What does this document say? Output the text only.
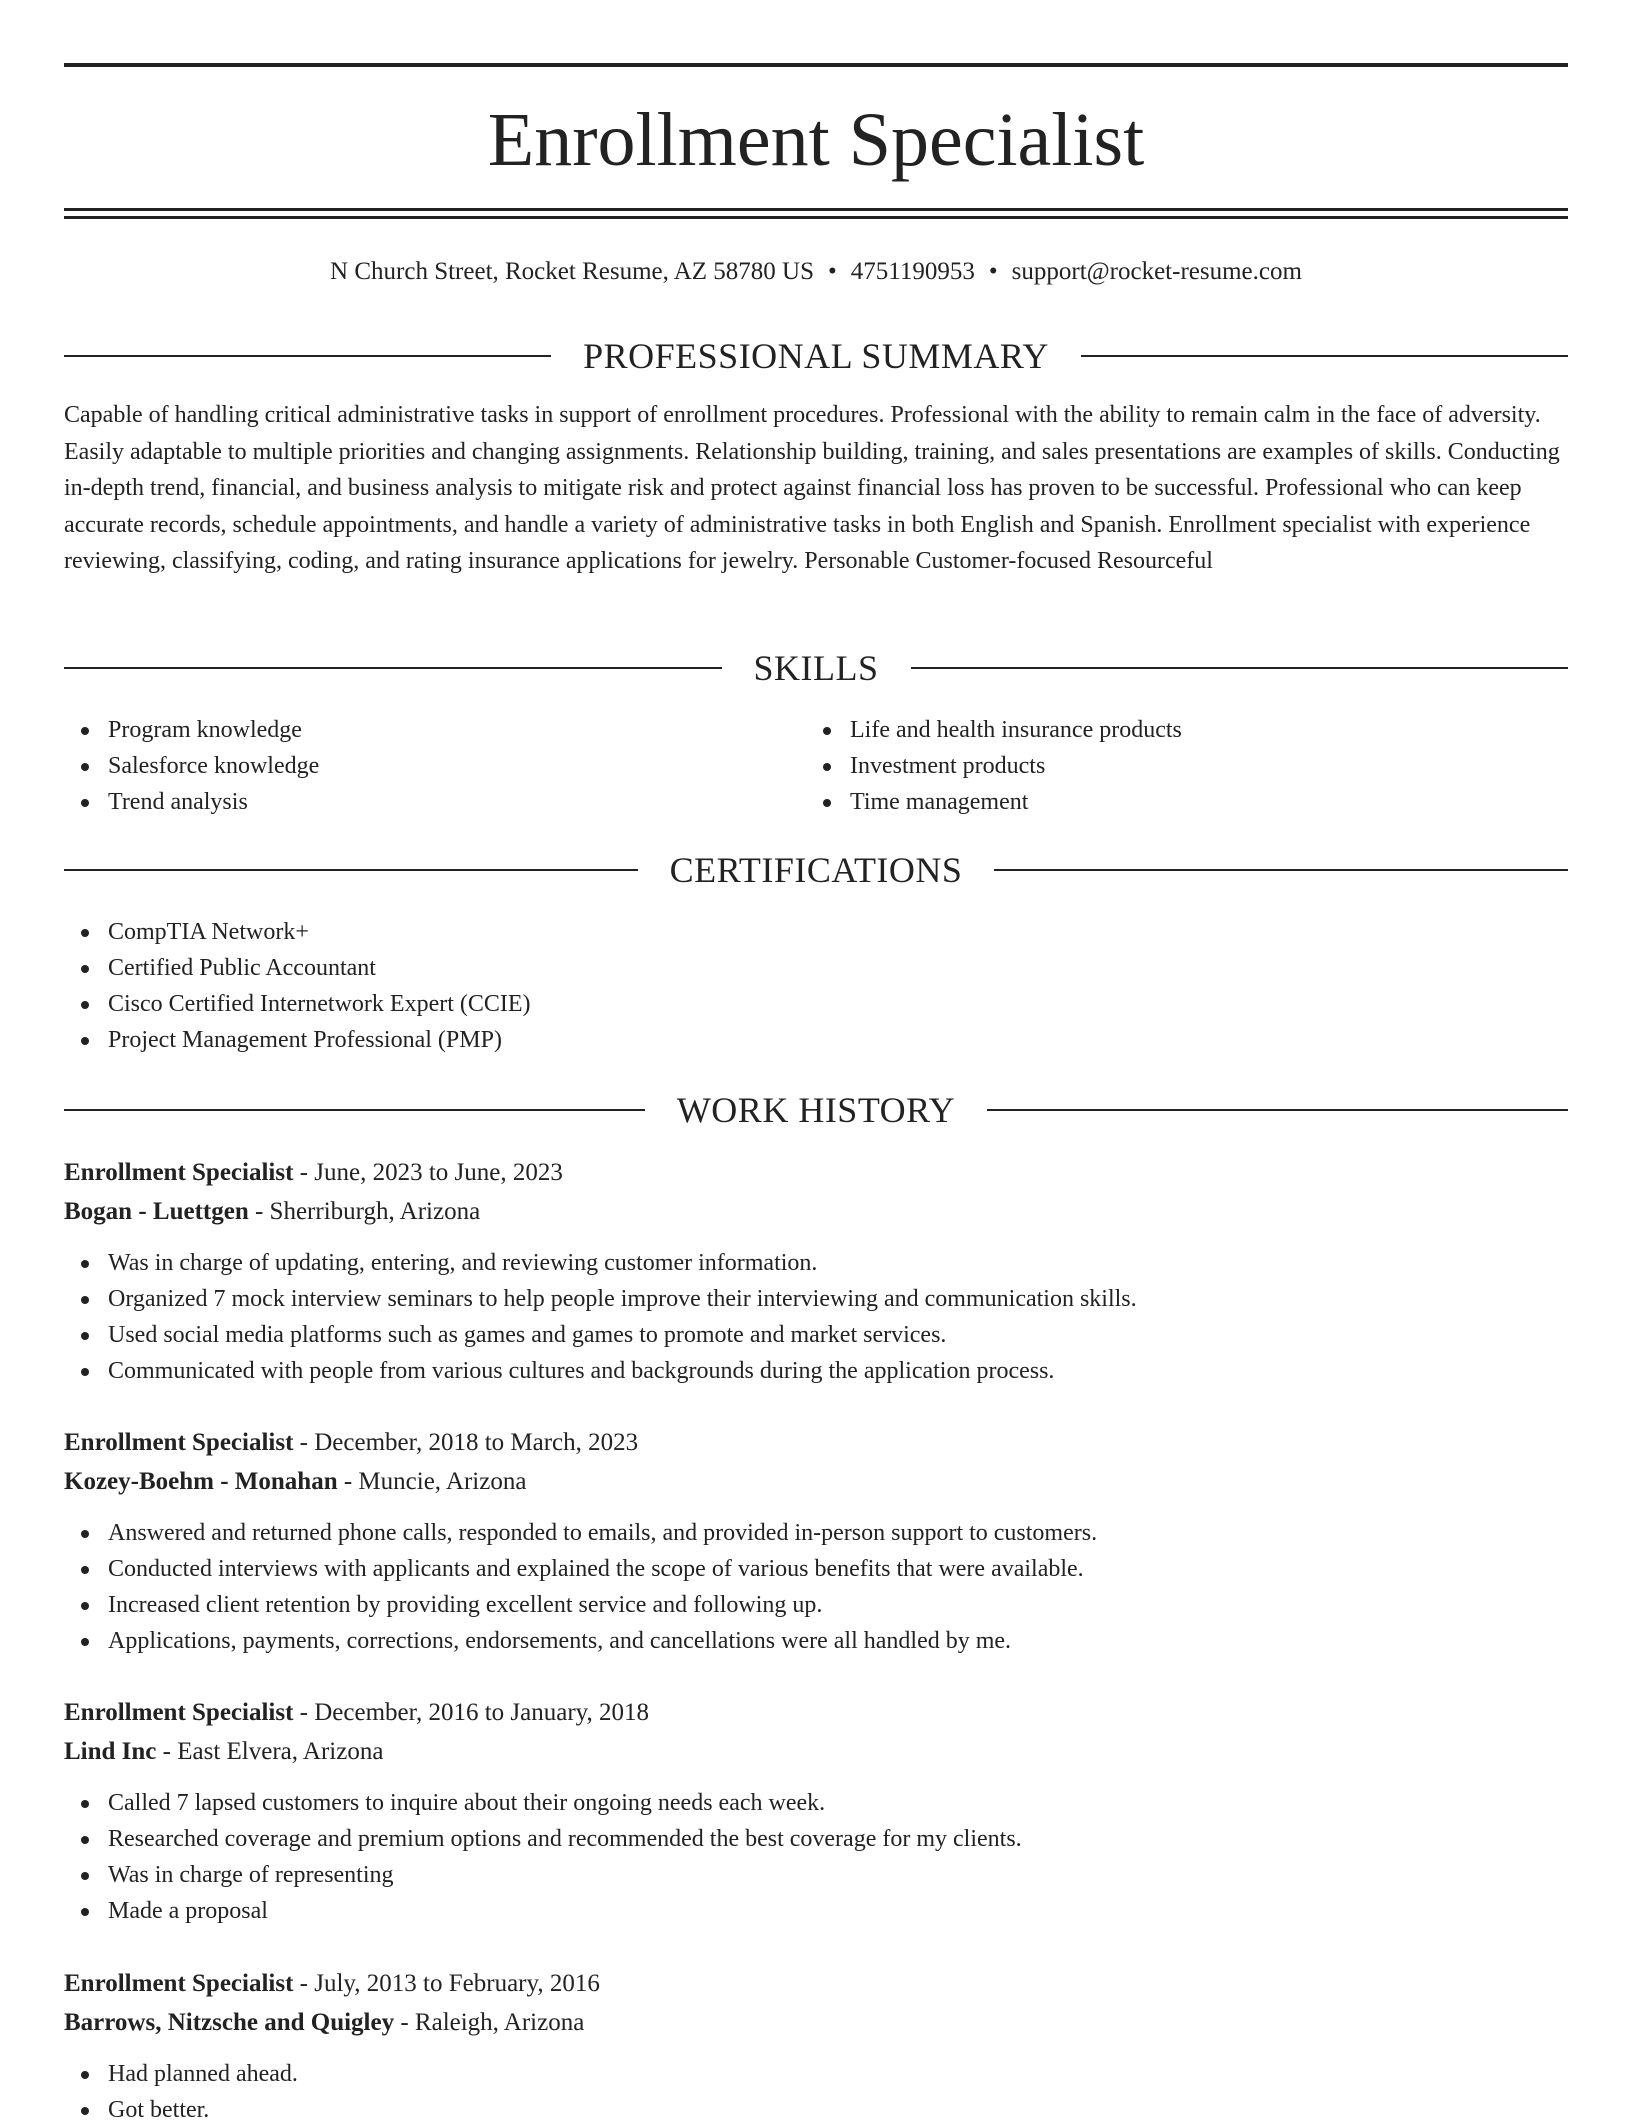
Enrollment Specialist
N Church Street, Rocket Resume, AZ 58780 US • 4751190953 • support@rocket-resume.com
PROFESSIONAL SUMMARY
Capable of handling critical administrative tasks in support of enrollment procedures. Professional with the ability to remain calm in the face of adversity. Easily adaptable to multiple priorities and changing assignments. Relationship building, training, and sales presentations are examples of skills. Conducting in-depth trend, financial, and business analysis to mitigate risk and protect against financial loss has proven to be successful. Professional who can keep accurate records, schedule appointments, and handle a variety of administrative tasks in both English and Spanish. Enrollment specialist with experience reviewing, classifying, coding, and rating insurance applications for jewelry. Personable Customer-focused Resourceful
SKILLS
Program knowledge
Salesforce knowledge
Trend analysis
Life and health insurance products
Investment products
Time management
CERTIFICATIONS
CompTIA Network+
Certified Public Accountant
Cisco Certified Internetwork Expert (CCIE)
Project Management Professional (PMP)
WORK HISTORY
Enrollment Specialist - June, 2023 to June, 2023
Bogan - Luettgen - Sherriburgh, Arizona
Was in charge of updating, entering, and reviewing customer information.
Organized 7 mock interview seminars to help people improve their interviewing and communication skills.
Used social media platforms such as games and games to promote and market services.
Communicated with people from various cultures and backgrounds during the application process.
Enrollment Specialist - December, 2018 to March, 2023
Kozey-Boehm - Monahan - Muncie, Arizona
Answered and returned phone calls, responded to emails, and provided in-person support to customers.
Conducted interviews with applicants and explained the scope of various benefits that were available.
Increased client retention by providing excellent service and following up.
Applications, payments, corrections, endorsements, and cancellations were all handled by me.
Enrollment Specialist - December, 2016 to January, 2018
Lind Inc - East Elvera, Arizona
Called 7 lapsed customers to inquire about their ongoing needs each week.
Researched coverage and premium options and recommended the best coverage for my clients.
Was in charge of representing
Made a proposal
Enrollment Specialist - July, 2013 to February, 2016
Barrows, Nitzsche and Quigley - Raleigh, Arizona
Had planned ahead.
Got better.
